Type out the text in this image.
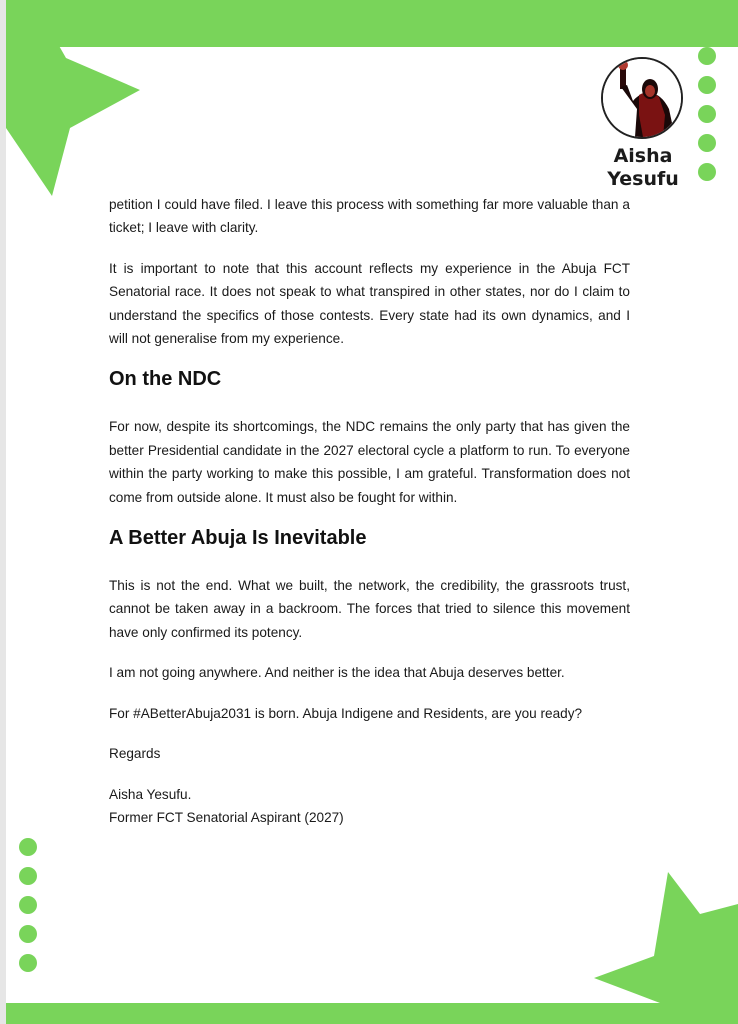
Aisha
Yesufu

petition I could have filed. I leave this process with something far more valuable than a ticket; I leave with clarity.

It is important to note that this account reflects my experience in the Abuja FCT Senatorial race. It does not speak to what transpired in other states, nor do I claim to understand the specifics of those contests. Every state had its own dynamics, and I will not generalise from my experience.

On the NDC

For now, despite its shortcomings, the NDC remains the only party that has given the better Presidential candidate in the 2027 electoral cycle a platform to run. To everyone within the party working to make this possible, I am grateful. Transformation does not come from outside alone. It must also be fought for within.

A Better Abuja Is Inevitable

This is not the end. What we built, the network, the credibility, the grassroots trust, cannot be taken away in a backroom. The forces that tried to silence this movement have only confirmed its potency.

I am not going anywhere. And neither is the idea that Abuja deserves better.

For #ABetterAbuja2031 is born. Abuja Indigene and Residents, are you ready?

Regards

Aisha Yesufu.

Former FCT Senatorial Aspirant (2027)
